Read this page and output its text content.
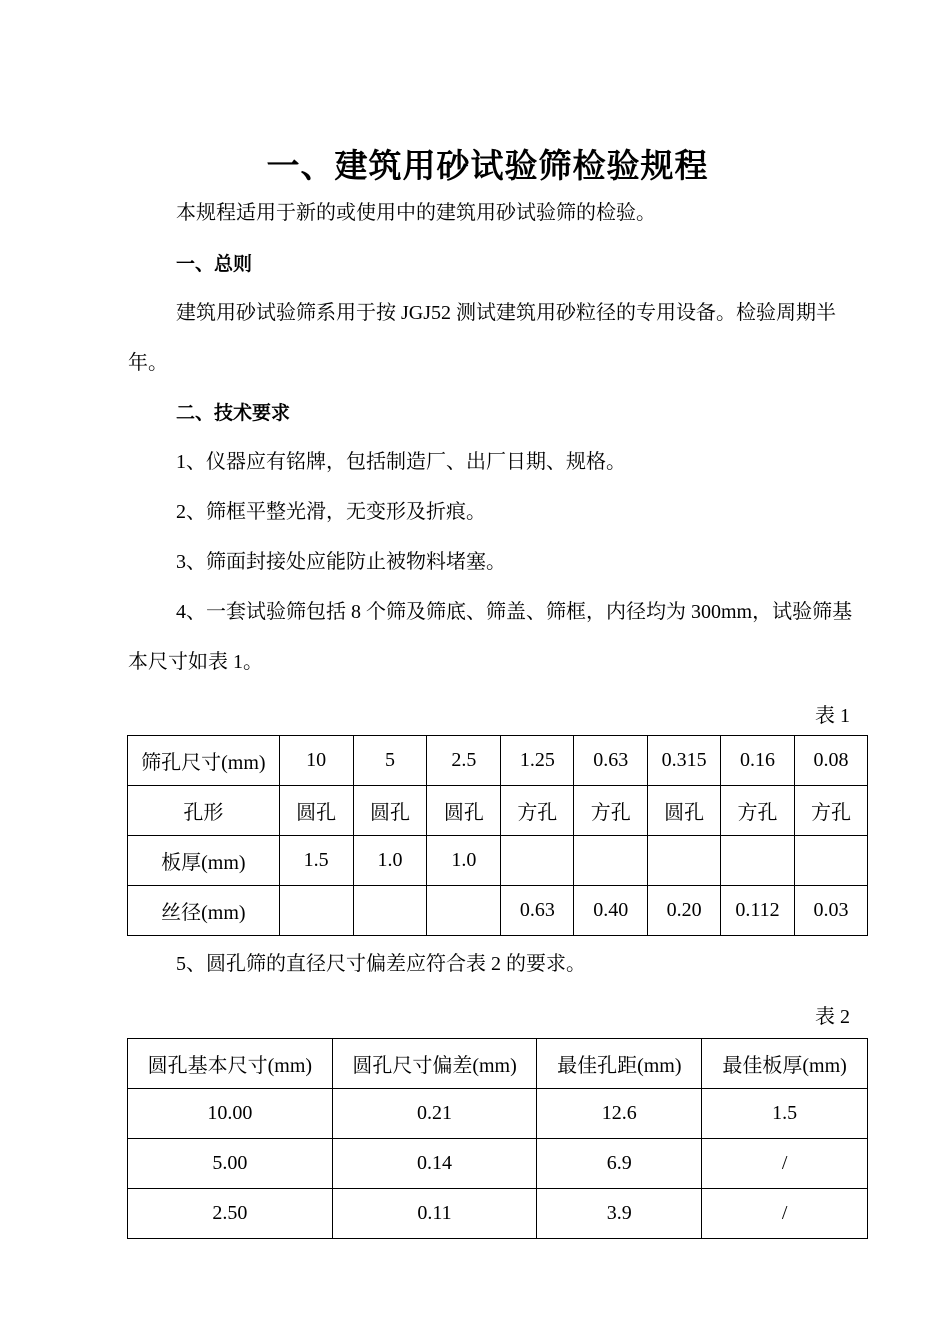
一、建筑用砂试验筛检验规程
本规程适用于新的或使用中的建筑用砂试验筛的检验。
一、总则
建筑用砂试验筛系用于按 JGJ52 测试建筑用砂粒径的专用设备。检验周期半年。
二、技术要求
1、仪器应有铭牌，包括制造厂、出厂日期、规格。
2、筛框平整光滑，无变形及折痕。
3、筛面封接处应能防止被物料堵塞。
4、一套试验筛包括 8 个筛及筛底、筛盖、筛框，内径均为 300mm，试验筛基本尺寸如表 1。
表 1
筛孔尺寸(mm)	10	5	2.5	1.25	0.63	0.315	0.16	0.08
孔形	圆孔	圆孔	圆孔	方孔	方孔	圆孔	方孔	方孔
板厚(mm)	1.5	1.0	1.0					
丝径(mm)				0.63	0.40	0.20	0.112	0.03
5、圆孔筛的直径尺寸偏差应符合表 2 的要求。
表 2
圆孔基本尺寸(mm)	圆孔尺寸偏差(mm)	最佳孔距(mm)	最佳板厚(mm)
10.00	0.21	12.6	1.5
5.00	0.14	6.9	/
2.50	0.11	3.9	/
